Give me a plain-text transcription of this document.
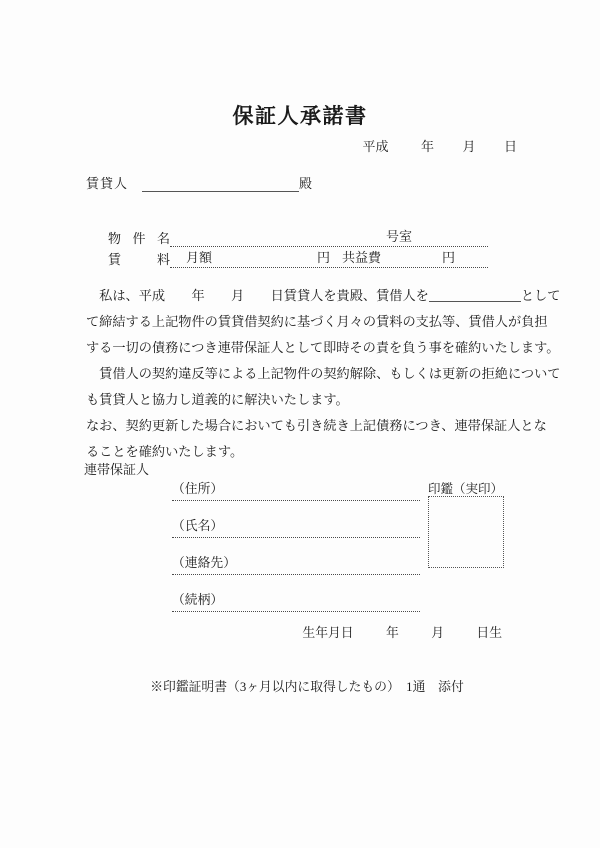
保証人承諾書
平成	年 月 日
賃貸人	殿
物 件 名	号室
賃	料 月額	円 共益費	円
　私は、平成　　年　　月　　日賃貸人を貴殿、賃借人を	として
て締結する上記物件の賃貸借契約に基づく月々の賃料の支払等、賃借人が負担
する一切の債務につき連帯保証人として即時その責を負う事を確約いたします。
　賃借人の契約違反等による上記物件の契約解除、もしくは更新の拒絶について
も賃貸人と協力し道義的に解決いたします。
なお、契約更新した場合においても引き続き上記債務につき、連帯保証人とな
ることを確約いたします。
連帯保証人
印鑑（実印）
（住所）
（氏名）
（連絡先）
（続柄）
生年月日	年	月	日生
※印鑑証明書（3ヶ月以内に取得したもの）　1通　添付
